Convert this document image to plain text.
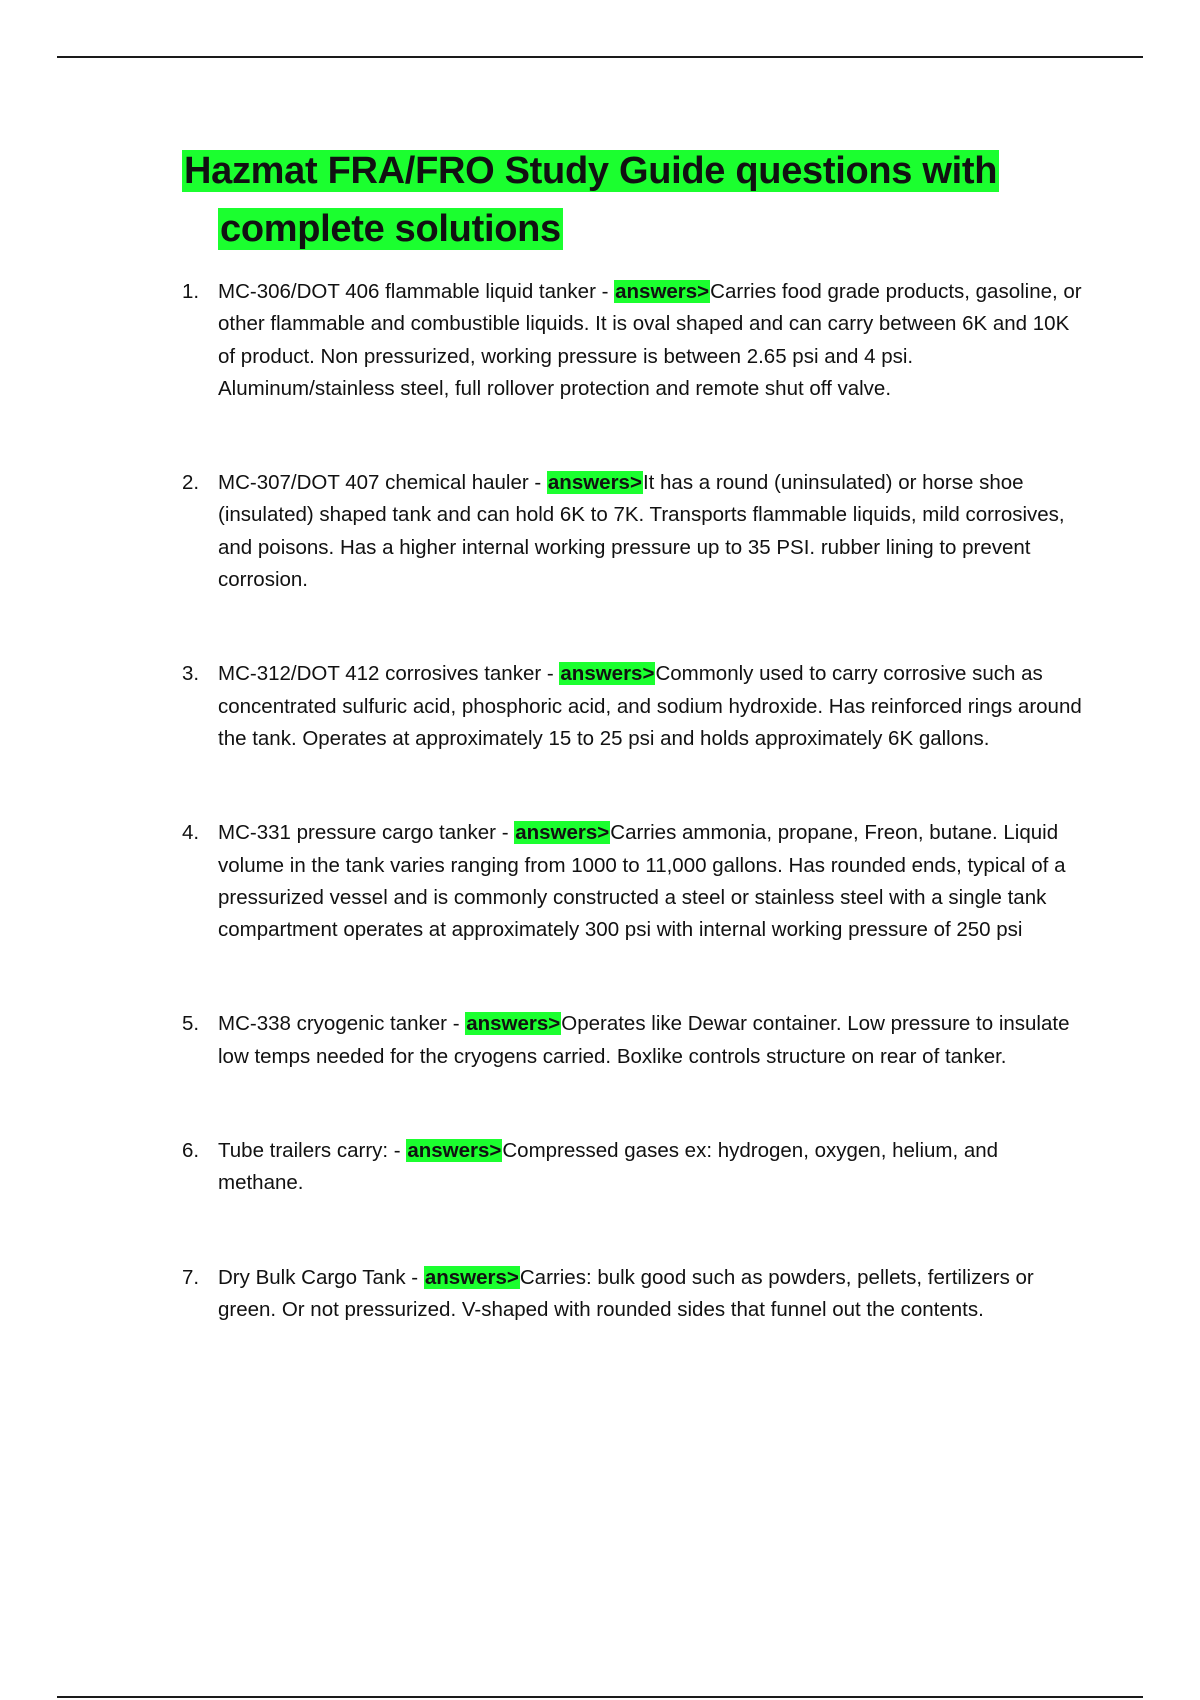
Hazmat FRA/FRO Study Guide questions with
complete solutions
1. MC-306/DOT 406 flammable liquid tanker - answers>Carries food grade products, gasoline, or other flammable and combustible liquids. It is oval shaped and can carry between 6K and 10K of product. Non pressurized, working pressure is between 2.65 psi and 4 psi. Aluminum/stainless steel, full rollover protection and remote shut off valve.
2. MC-307/DOT 407 chemical hauler - answers>It has a round (uninsulated) or horse shoe (insulated) shaped tank and can hold 6K to 7K. Transports flammable liquids, mild corrosives, and poisons. Has a higher internal working pressure up to 35 PSI. rubber lining to prevent corrosion.
3. MC-312/DOT 412 corrosives tanker - answers>Commonly used to carry corrosive such as concentrated sulfuric acid, phosphoric acid, and sodium hydroxide. Has reinforced rings around the tank. Operates at approximately 15 to 25 psi and holds approximately 6K gallons.
4. MC-331 pressure cargo tanker - answers>Carries ammonia, propane, Freon, butane. Liquid volume in the tank varies ranging from 1000 to 11,000 gallons. Has rounded ends, typical of a pressurized vessel and is commonly constructed a steel or stainless steel with a single tank compartment operates at approximately 300 psi with internal working pressure of 250 psi
5. MC-338 cryogenic tanker - answers>Operates like Dewar container. Low pressure to insulate low temps needed for the cryogens carried. Boxlike controls structure on rear of tanker.
6. Tube trailers carry: - answers>Compressed gases ex: hydrogen, oxygen, helium, and methane.
7. Dry Bulk Cargo Tank - answers>Carries: bulk good such as powders, pellets, fertilizers or green. Or not pressurized. V-shaped with rounded sides that funnel out the contents.
